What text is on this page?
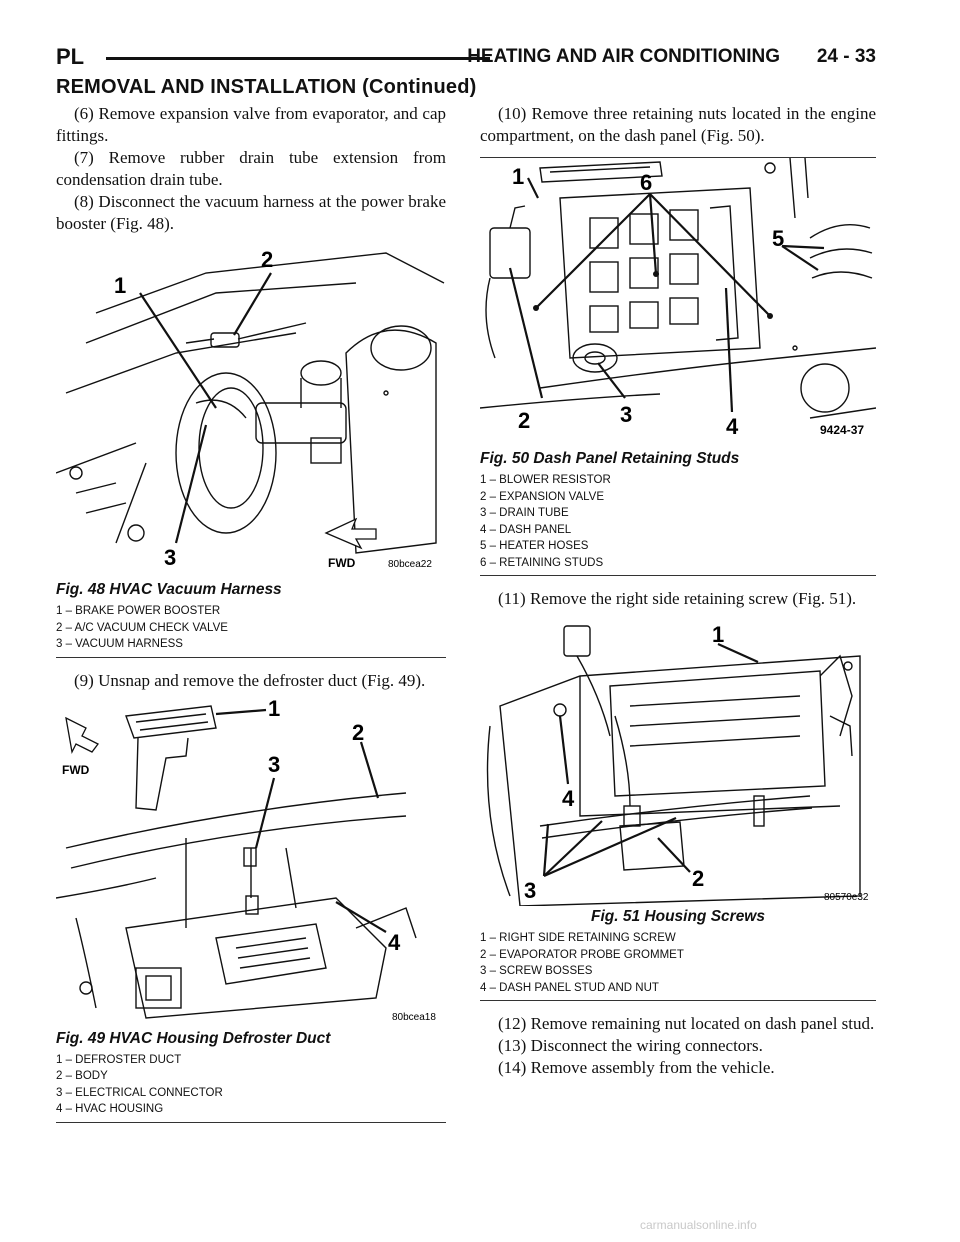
PL	HEATING AND AIR CONDITIONING 24 - 33
REMOVAL AND INSTALLATION (Continued)

(6) Remove expansion valve from evaporator, and cap fittings.

(7) Remove rubber drain tube extension from condensation drain tube.

(8) Disconnect the vacuum harness at the power brake booster (Fig. 48).

1
2
3	FWD	80bcea22
Fig. 48 HVAC Vacuum Harness
1 – BRAKE POWER BOOSTER
2 – A/C VACUUM CHECK VALVE
3 – VACUUM HARNESS

(9) Unsnap and remove the defroster duct (Fig. 49).

FWD
1
2
3
4
80bcea18
Fig. 49 HVAC Housing Defroster Duct
1 – DEFROSTER DUCT
2 – BODY
3 – ELECTRICAL CONNECTOR
4 – HVAC HOUSING

(10) Remove three retaining nuts located in the engine compartment, on the dash panel (Fig. 50).

1
2	3	4
5
6
9424-37
Fig. 50 Dash Panel Retaining Studs
1 – BLOWER RESISTOR
2 – EXPANSION VALVE
3 – DRAIN TUBE
4 – DASH PANEL
5 – HEATER HOSES
6 – RETAINING STUDS

(11) Remove the right side retaining screw (Fig. 51).

1
2
3
4
80570e32
Fig. 51 Housing Screws
1 – RIGHT SIDE RETAINING SCREW
2 – EVAPORATOR PROBE GROMMET
3 – SCREW BOSSES
4 – DASH PANEL STUD AND NUT

(12) Remove remaining nut located on dash panel stud.

(13) Disconnect the wiring connectors.

(14) Remove assembly from the vehicle.

carmanualsonline.info
